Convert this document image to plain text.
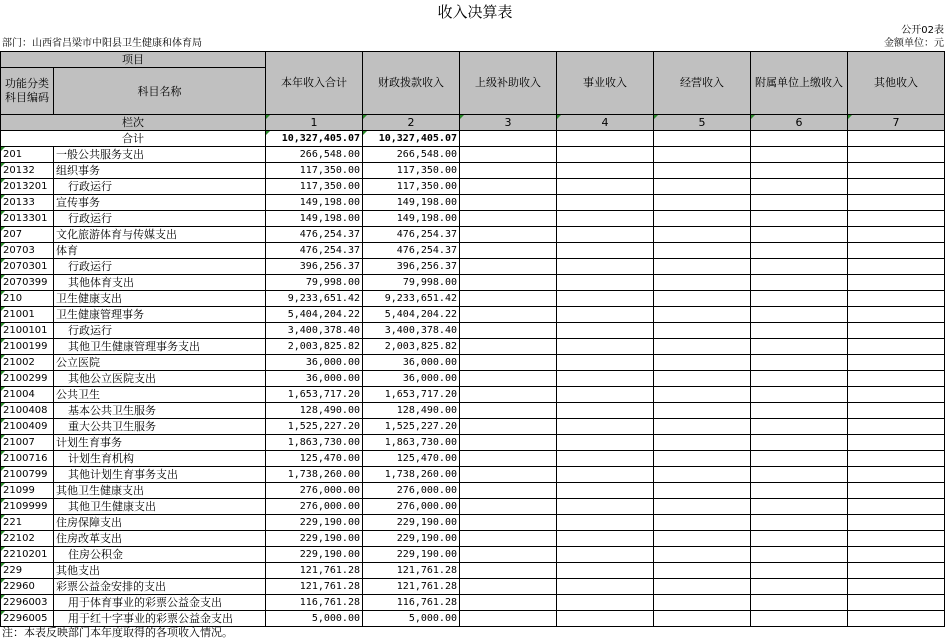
收入决算表
公开02表
部门：山西省吕梁市中阳县卫生健康和体育局	金额单位：元
项目		本年收入合计	财政拨款收入	上级补助收入	事业收入	经营收入	附属单位上缴收入	其他收入
功能分类科目编码	科目名称							
栏次		1	2	3	4	5	6	7
合计		10,327,405.07	10,327,405.07					
201	一般公共服务支出	266,548.00	266,548.00					
20132	组织事务	117,350.00	117,350.00					
2013201	行政运行	117,350.00	117,350.00					
20133	宣传事务	149,198.00	149,198.00					
2013301	行政运行	149,198.00	149,198.00					
207	文化旅游体育与传媒支出	476,254.37	476,254.37					
20703	体育	476,254.37	476,254.37					
2070301	行政运行	396,256.37	396,256.37					
2070399	其他体育支出	79,998.00	79,998.00					
210	卫生健康支出	9,233,651.42	9,233,651.42					
21001	卫生健康管理事务	5,404,204.22	5,404,204.22					
2100101	行政运行	3,400,378.40	3,400,378.40					
2100199	其他卫生健康管理事务支出	2,003,825.82	2,003,825.82					
21002	公立医院	36,000.00	36,000.00					
2100299	其他公立医院支出	36,000.00	36,000.00					
21004	公共卫生	1,653,717.20	1,653,717.20					
2100408	基本公共卫生服务	128,490.00	128,490.00					
2100409	重大公共卫生服务	1,525,227.20	1,525,227.20					
21007	计划生育事务	1,863,730.00	1,863,730.00					
2100716	计划生育机构	125,470.00	125,470.00					
2100799	其他计划生育事务支出	1,738,260.00	1,738,260.00					
21099	其他卫生健康支出	276,000.00	276,000.00					
2109999	其他卫生健康支出	276,000.00	276,000.00					
221	住房保障支出	229,190.00	229,190.00					
22102	住房改革支出	229,190.00	229,190.00					
2210201	住房公积金	229,190.00	229,190.00					
229	其他支出	121,761.28	121,761.28					
22960	彩票公益金安排的支出	121,761.28	121,761.28					
2296003	用于体育事业的彩票公益金支出	116,761.28	116,761.28					
2296005	用于红十字事业的彩票公益金支出	5,000.00	5,000.00					
注：本表反映部门本年度取得的各项收入情况。
